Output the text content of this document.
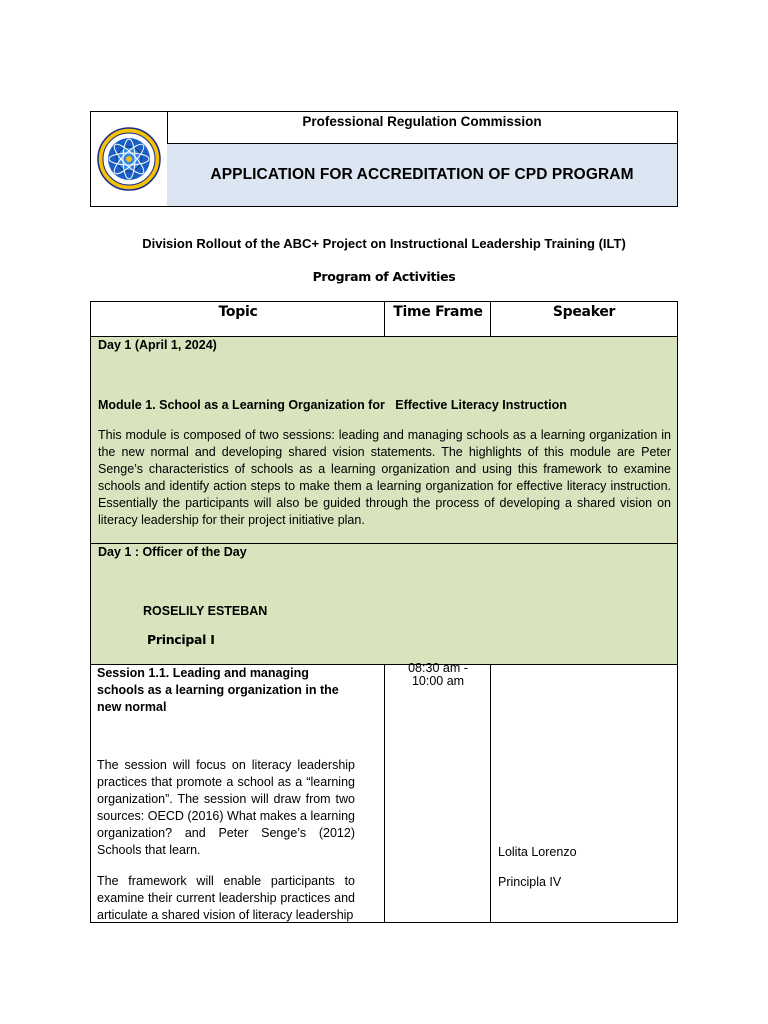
Professional Regulation Commission
APPLICATION FOR ACCREDITATION OF CPD PROGRAM
Division Rollout of the ABC+ Project on Instructional Leadership Training (ILT)
Program of Activities
Topic	Time Frame	Speaker
Day 1 (April 1, 2024)
Module 1. School as a Learning Organization for   Effective Literacy Instruction
This module is composed of two sessions: leading and managing schools as a learning organization in the new normal and developing shared vision statements. The highlights of this module are Peter Senge’s characteristics of schools as a learning organization and using this framework to examine schools and identify action steps to make them a learning organization for effective literacy instruction. Essentially the participants will also be guided through the process of developing a shared vision on literacy leadership for their project initiative plan.
Day 1 : Officer of the Day
ROSELILY ESTEBAN
Principal I
Session 1.1. Leading and managing schools as a learning organization in the new normal
The session will focus on literacy leadership practices that promote a school as a “learning organization”. The session will draw from two sources: OECD (2016) What makes a learning organization? and Peter Senge’s (2012) Schools that learn.
The framework will enable participants to examine their current leadership practices and articulate a shared vision of literacy leadership
08:30 am -
10:00 am
Lolita Lorenzo
Principla IV
